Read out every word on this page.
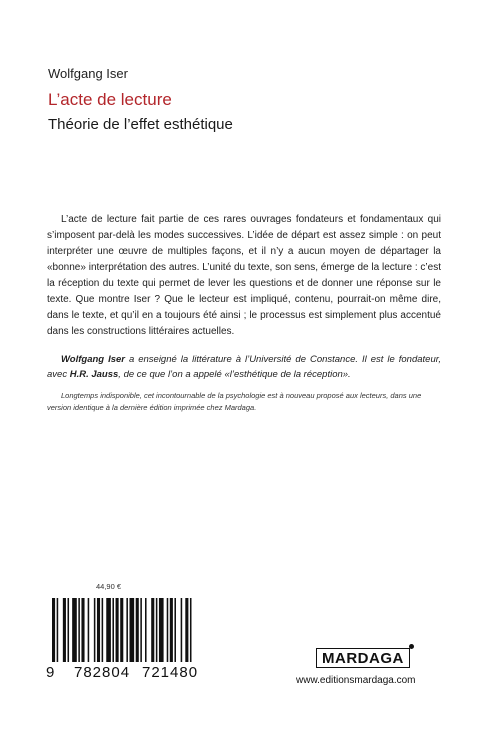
Wolfgang Iser
L’acte de lecture
Théorie de l’effet esthétique

L’acte de lecture fait partie de ces rares ouvrages fondateurs et fondamentaux qui s’imposent par-delà les modes successives. L’idée de départ est assez simple : on peut interpréter une œuvre de multiples façons, et il n’y a aucun moyen de départager la «bonne» interprétation des autres. L’unité du texte, son sens, émerge de la lecture : c’est la réception du texte qui permet de lever les questions et de donner une réponse sur le texte. Que montre Iser ? Que le lecteur est impliqué, contenu, pourrait-on même dire, dans le texte, et qu’il en a toujours été ainsi ; le processus est simplement plus accentué dans les constructions littéraires actuelles.

Wolfgang Iser a enseigné la littérature à l’Université de Constance. Il est le fondateur, avec H.R. Jauss, de ce que l’on a appelé «l’esthétique de la réception».
Longtemps indisponible, cet incontournable de la psychologie est à nouveau proposé aux lecteurs, dans une version identique à la dernière édition imprimée chez Mardaga.
44,90 €
9 782804 721480
MARDAGA
www.editionsmardaga.com
